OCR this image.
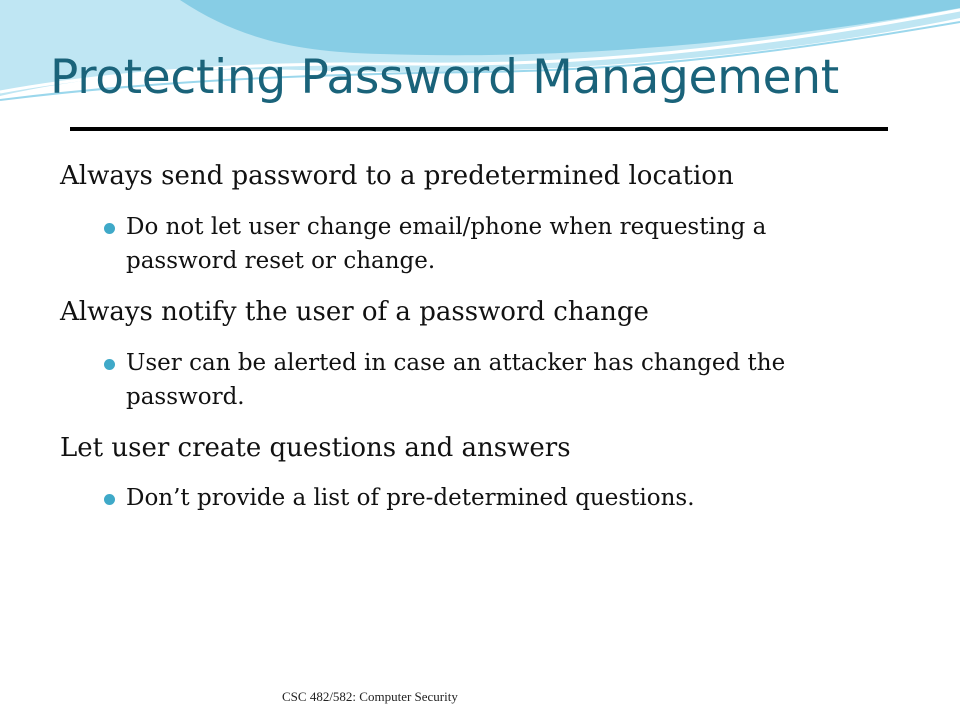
Protecting Password Management
Always send password to a predetermined location
Do not let user change email/phone when requesting a password reset or change.
Always notify the user of a password change
User can be alerted in case an attacker has changed the password.
Let user create questions and answers
Don’t provide a list of pre-determined questions.
CSC 482/582: Computer Security
